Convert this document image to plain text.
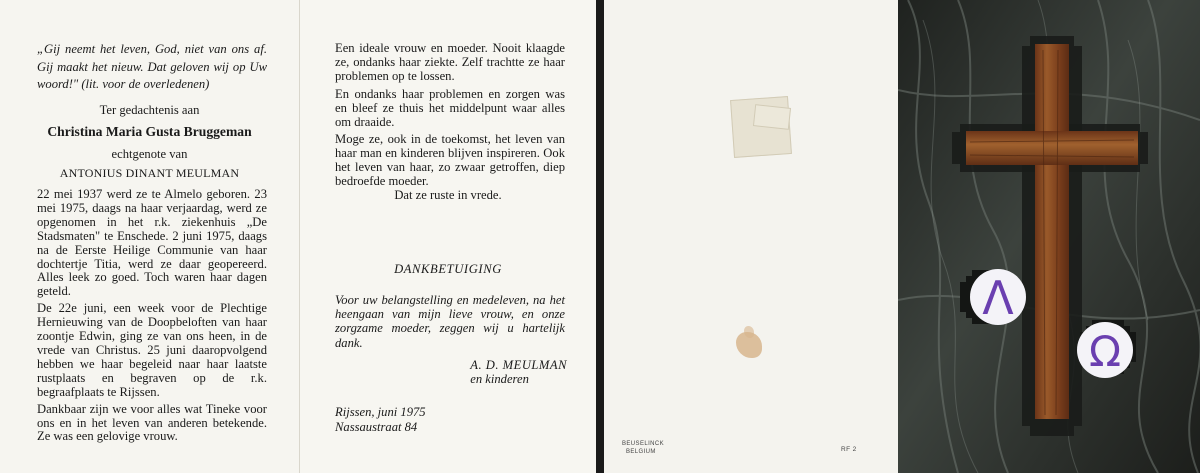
„Gij neemt het leven, God, niet van ons af. Gij maakt het nieuw. Dat geloven wij op Uw woord!" (lit. voor de overledenen)
Ter gedachtenis aan
Christina Maria Gusta Bruggeman
echtgenote van
ANTONIUS DINANT MEULMAN

22 mei 1937 werd ze te Almelo geboren. 23 mei 1975, daags na haar verjaardag, werd ze opgenomen in het r.k. ziekenhuis „De Stadsmaten" te Enschede. 2 juni 1975, daags na de Eerste Heilige Communie van haar dochtertje Titia, werd ze daar geopereerd. Alles leek zo goed. Toch waren haar dagen geteld.

De 22e juni, een week voor de Plechtige Hernieuwing van de Doopbeloften van haar zoontje Edwin, ging ze van ons heen, in de vrede van Christus. 25 juni daaropvolgend hebben we haar begeleid naar haar laatste rustplaats en begraven op de r.k. begraafplaats te Rijssen.

Dankbaar zijn we voor alles wat Tineke voor ons en in het leven van anderen betekende. Ze was een gelovige vrouw.

Een ideale vrouw en moeder. Nooit klaagde ze, ondanks haar ziekte. Zelf trachtte ze haar problemen op te lossen.

En ondanks haar problemen en zorgen was en bleef ze thuis het middelpunt waar alles om draaide.

Moge ze, ook in de toekomst, het leven van haar man en kinderen blijven inspireren. Ook het leven van haar, zo zwaar getroffen, diep bedroefde moeder.

Dat ze ruste in vrede.
DANKBETUIGING
Voor uw belangstelling en medeleven, na het heengaan van mijn lieve vrouw, en onze zorgzame moeder, zeggen wij u hartelijk dank.
A. D. MEULMAN
en kinderen
Rijssen, juni 1975
Nassaustraat 84
BEUSELINCK
BELGIUM	RF 2
Λ
Ω
